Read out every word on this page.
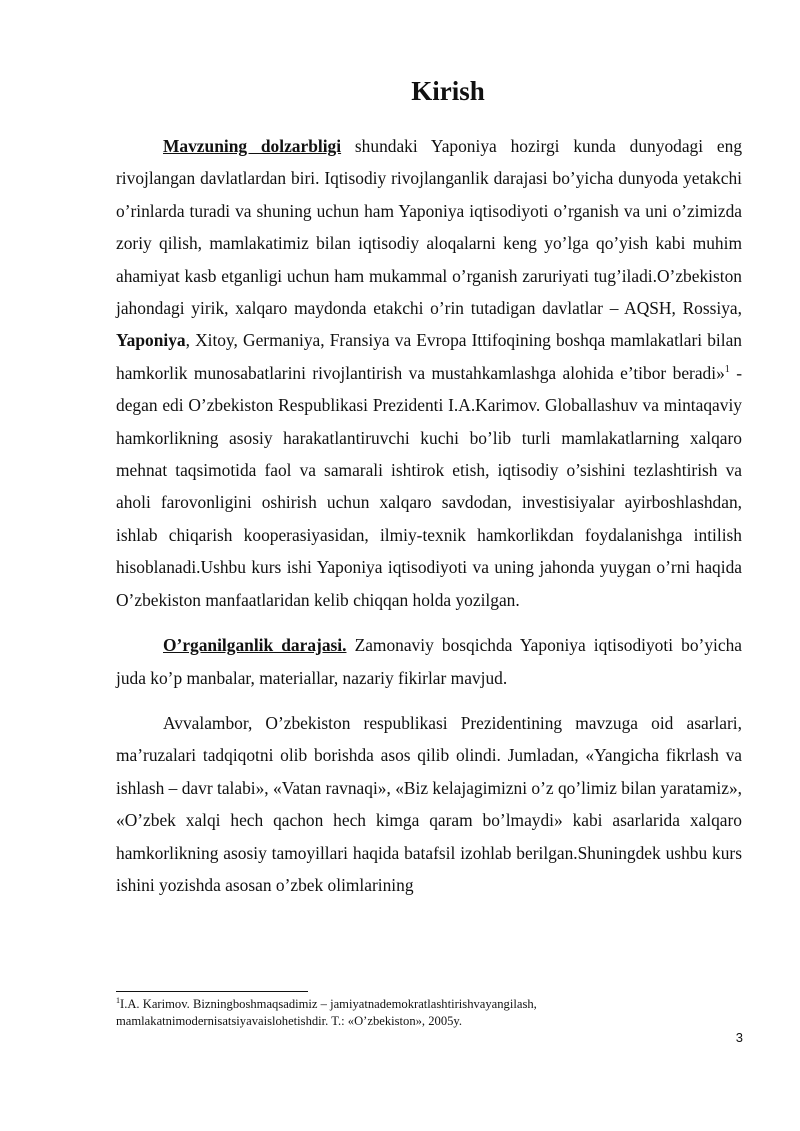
Kirish

Mavzuning dolzarbligi shundaki Yaponiya hozirgi kunda dunyodagi eng rivojlangan davlatlardan biri. Iqtisodiy rivojlanganlik darajasi bo’yicha dunyoda yetakchi o’rinlarda turadi va shuning uchun ham Yaponiya iqtisodiyoti o’rganish va uni o’zimizda zoriy qilish, mamlakatimiz bilan iqtisodiy aloqalarni keng yo’lga qo’yish kabi muhim ahamiyat kasb etganligi uchun ham mukammal o’rganish zaruriyati tug’iladi.O’zbekiston jahondagi yirik, xalqaro maydonda etakchi o’rin tutadigan davlatlar – AQSH, Rossiya, Yaponiya, Xitoy, Germaniya, Fransiya va Evropa Ittifoqining boshqa mamlakatlari bilan hamkorlik munosabatlarini rivojlantirish va mustahkamlashga alohida e’tibor beradi»$^1$ - degan edi O’zbekiston Respublikasi Prezidenti I.A.Karimov. Globallashuv va mintaqaviy hamkorlikning asosiy harakatlantiruvchi kuchi bo’lib turli mamlakatlarning xalqaro mehnat taqsimotida faol va samarali ishtirok etish, iqtisodiy o’sishini tezlashtirish va aholi farovonligini oshirish uchun xalqaro savdodan, investisiyalar ayirboshlashdan, ishlab chiqarish kooperasiyasidan, ilmiy-texnik hamkorlikdan foydalanishga intilish hisoblanadi.Ushbu kurs ishi Yaponiya iqtisodiyoti va uning jahonda yuygan o’rni haqida O’zbekiston manfaatlaridan kelib chiqqan holda yozilgan.

O’rganilganlik darajasi. Zamonaviy bosqichda Yaponiya iqtisodiyoti bo’yicha juda ko’p manbalar, materiallar, nazariy fikirlar mavjud.

Avvalambor, O’zbekiston respublikasi Prezidentining mavzuga oid asarlari, ma’ruzalari tadqiqotni olib borishda asos qilib olindi. Jumladan, «Yangicha fikrlash va ishlash – davr talabi», «Vatan ravnaqi», «Biz kelajagimizni o’z qo’limiz bilan yaratamiz», «O’zbek xalqi hech qachon hech kimga qaram bo’lmaydi» kabi asarlarida xalqaro hamkorlikning asosiy tamoyillari haqida batafsil izohlab berilgan.Shuningdek ushbu kurs ishini yozishda asosan o’zbek olimlarining

$^1$I.A. Karimov. Bizningboshmaqsadimiz – jamiyatnademokratlashtirishvayangilash, mamlakatnimodernisatsiyavaislohetishdir. T.: «O’zbekiston», 2005y.

3
